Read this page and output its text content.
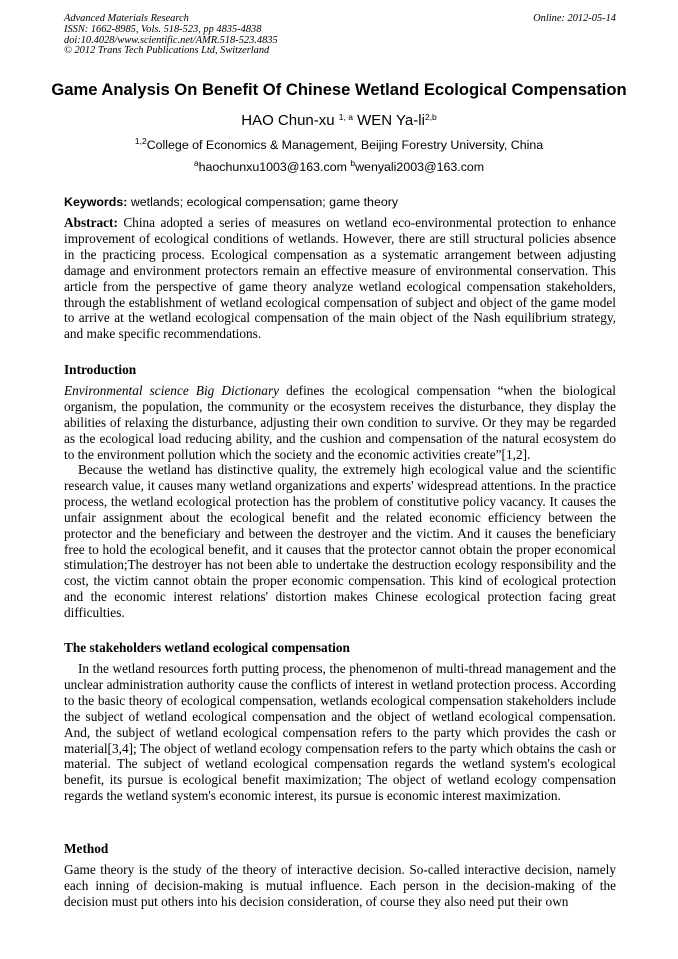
Advanced Materials Research
ISSN: 1662-8985, Vols. 518-523, pp 4835-4838
doi:10.4028/www.scientific.net/AMR.518-523.4835
© 2012 Trans Tech Publications Ltd, Switzerland
Online: 2012-05-14
Game Analysis On Benefit Of Chinese Wetland Ecological Compensation
HAO Chun-xu $^{1, a}$ WEN Ya-li$^{2,b}$
$^{1,2}$College of Economics & Management, Beijing Forestry University, China
$^a$haochunxu1003@163.com $^b$wenyali2003@163.com
Keywords: wetlands; ecological compensation; game theory

Abstract: China adopted a series of measures on wetland eco-environmental protection to enhance improvement of ecological conditions of wetlands. However, there are still structural policies absence in the practicing process. Ecological compensation as a systematic arrangement between adjusting damage and environment protectors remain an effective measure of environmental conservation. This article from the perspective of game theory analyze wetland ecological compensation stakeholders, through the establishment of wetland ecological compensation of subject and object of the game model to arrive at the wetland ecological compensation of the main object of the Nash equilibrium strategy, and make specific recommendations.

Introduction

Environmental science Big Dictionary defines the ecological compensation “when the biological organism, the population, the community or the ecosystem receives the disturbance, they display the abilities of relaxing the disturbance, adjusting their own condition to survive. Or they may be regarded as the ecological load reducing ability, and the cushion and compensation of the natural ecosystem do to the environment pollution which the society and the economic activities create”[1,2].

Because the wetland has distinctive quality, the extremely high ecological value and the scientific research value, it causes many wetland organizations and experts' widespread attentions. In the practice process, the wetland ecological protection has the problem of constitutive policy vacancy. It causes the unfair assignment about the ecological benefit and the related economic efficiency between the protector and the beneficiary and between the destroyer and the victim. And it causes the beneficiary free to hold the ecological benefit, and it causes that the protector cannot obtain the proper economical stimulation;The destroyer has not been able to undertake the destruction ecology responsibility and the cost, the victim cannot obtain the proper economic compensation. This kind of ecological protection and the economic interest relations' distortion makes Chinese ecological protection facing great difficulties.

The stakeholders wetland ecological compensation

In the wetland resources forth putting process, the phenomenon of multi-thread management and the unclear administration authority cause the conflicts of interest in wetland protection process. According to the basic theory of ecological compensation, wetlands ecological compensation stakeholders include the subject of wetland ecological compensation and the object of wetland ecological compensation. And, the subject of wetland ecological compensation refers to the party which provides the cash or material[3,4]; The object of wetland ecology compensation refers to the party which obtains the cash or material. The subject of wetland ecological compensation regards the wetland system's ecological benefit, its pursue is ecological benefit maximization; The object of wetland ecology compensation regards the wetland system's economic interest, its pursue is economic interest maximization.

Method

Game theory is the study of the theory of interactive decision. So-called interactive decision, namely each inning of decision-making is mutual influence. Each person in the decision-making of the decision must put others into his decision consideration, of course they also need put their own
